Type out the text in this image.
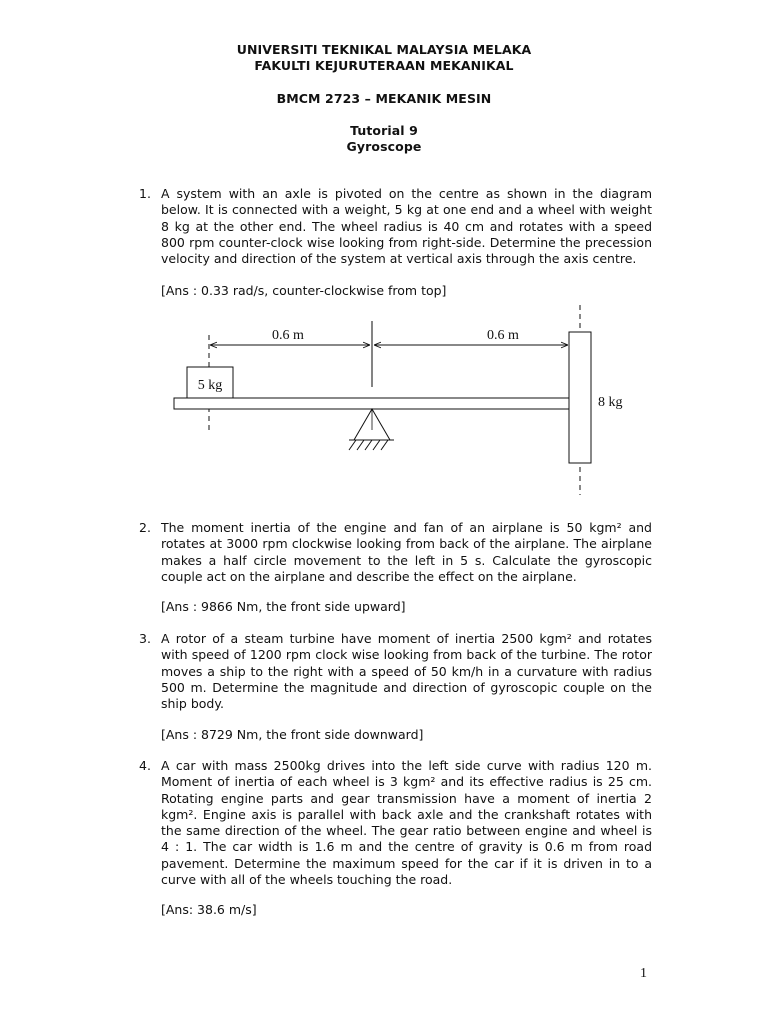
UNIVERSITI TEKNIKAL MALAYSIA MELAKA
FAKULTI KEJURUTERAAN MEKANIKAL
BMCM 2723 – MEKANIK MESIN
Tutorial 9
Gyroscope
1. A system with an axle is pivoted on the centre as shown in the diagram below. It is connected with a weight, 5 kg at one end and a wheel with weight 8 kg at the other end. The wheel radius is 40 cm and rotates with a speed 800 rpm counter-clock wise looking from right-side. Determine the precession velocity and direction of the system at vertical axis through the axis centre.
[Ans : 0.33 rad/s, counter-clockwise from top]
0.6 m	0.6 m
5 kg
8 kg
2. The moment inertia of the engine and fan of an airplane is 50 kgm² and rotates at 3000 rpm clockwise looking from back of the airplane. The airplane makes a half circle movement to the left in 5 s. Calculate the gyroscopic couple act on the airplane and describe the effect on the airplane.
[Ans : 9866 Nm, the front side upward]
3. A rotor of a steam turbine have moment of inertia 2500 kgm² and rotates with speed of 1200 rpm clock wise looking from back of the turbine. The rotor moves a ship to the right with a speed of 50 km/h in a curvature with radius 500 m. Determine the magnitude and direction of gyroscopic couple on the ship body.
[Ans : 8729 Nm, the front side downward]
4. A car with mass 2500kg drives into the left side curve with radius 120 m. Moment of inertia of each wheel is 3 kgm² and its effective radius is 25 cm. Rotating engine parts and gear transmission have a moment of inertia 2 kgm². Engine axis is parallel with back axle and the crankshaft rotates with the same direction of the wheel. The gear ratio between engine and wheel is 4 : 1. The car width is 1.6 m and the centre of gravity is 0.6 m from road pavement. Determine the maximum speed for the car if it is driven in to a curve with all of the wheels touching the road.
[Ans: 38.6 m/s]
1
